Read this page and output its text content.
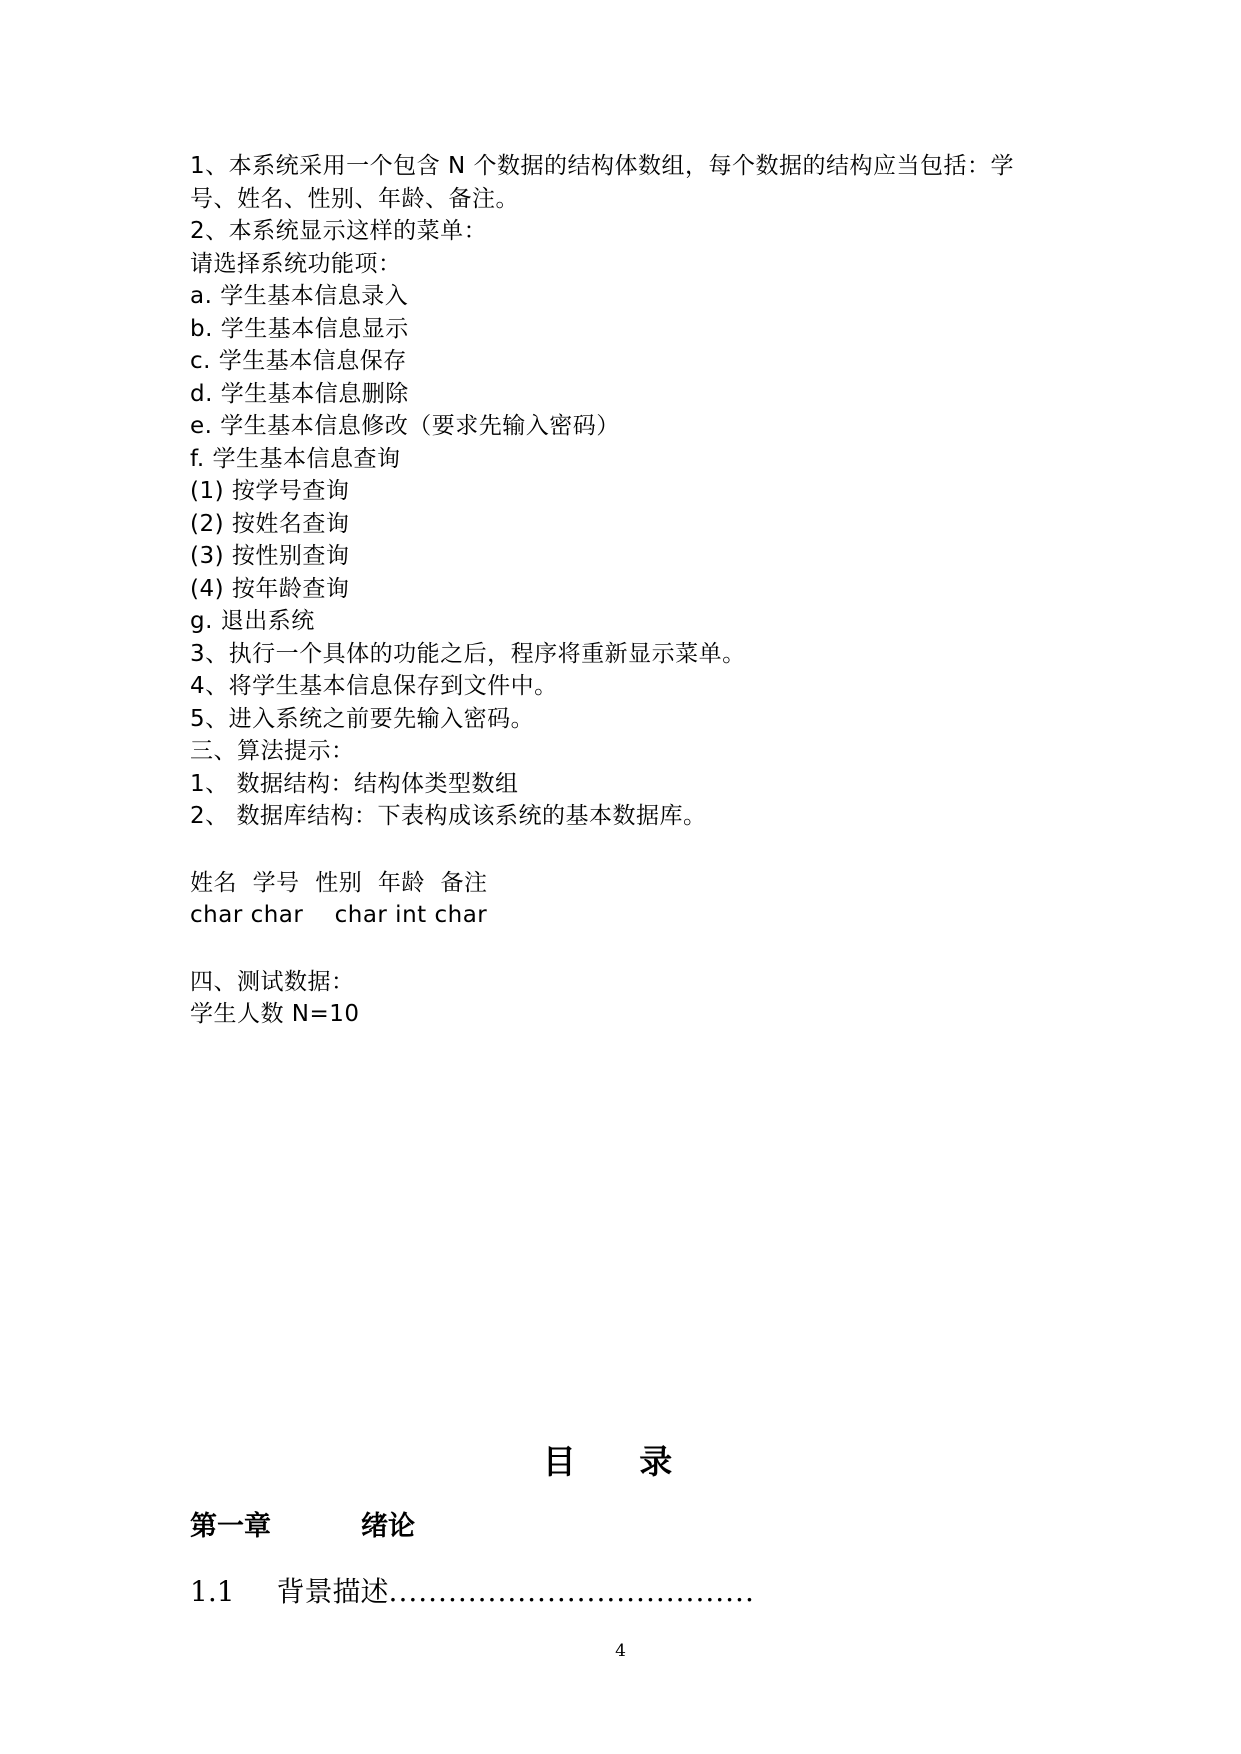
1、本系统采用一个包含 N 个数据的结构体数组，每个数据的结构应当包括：学
号、姓名、性别、年龄、备注。
2、本系统显示这样的菜单：
请选择系统功能项：
a. 学生基本信息录入
b. 学生基本信息显示
c. 学生基本信息保存
d. 学生基本信息删除
e. 学生基本信息修改（要求先输入密码）
f. 学生基本信息查询
(1) 按学号查询
(2) 按姓名查询
(3) 按性别查询
(4) 按年龄查询
g. 退出系统
3、执行一个具体的功能之后，程序将重新显示菜单。
4、将学生基本信息保存到文件中。
5、进入系统之前要先输入密码。
三、算法提示：
1、 数据结构：结构体类型数组
2、 数据库结构：下表构成该系统的基本数据库。
姓名  学号  性别  年龄  备注
char char    char int char
四、测试数据：
学生人数 N=10
目 录
第一章	绪论
1.1 背景描述.....................................
4
